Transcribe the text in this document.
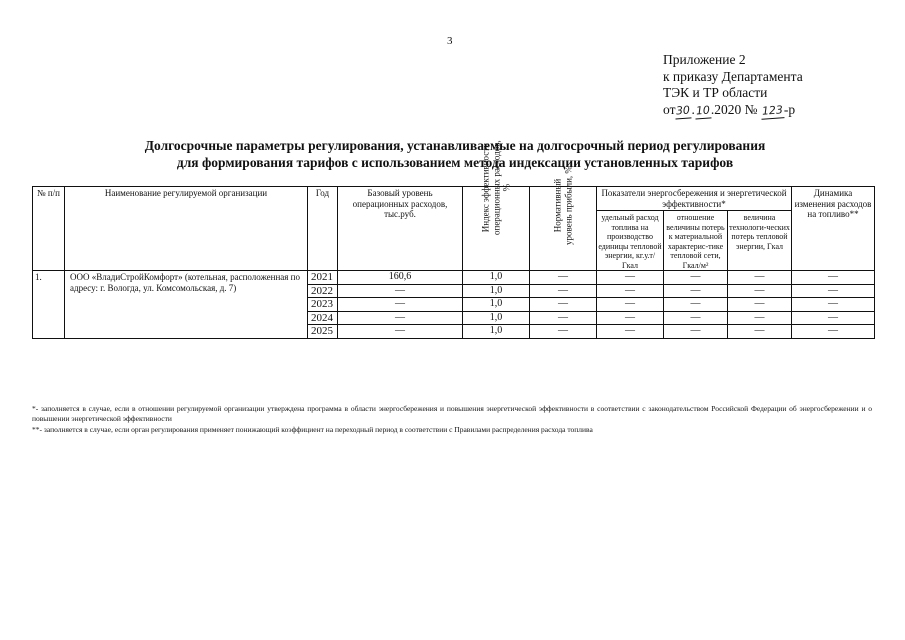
3
Приложение 2
к приказу Департамента
ТЭК и ТР области
от30.10.2020 № 123-р
Долгосрочные параметры регулирования, устанавливаемые на долгосрочный период регулирования
для формирования тарифов с использованием метода индексации установленных тарифов
№ п/п	Наименование регулируемой организации	Год	Базовый уровень операционных расходов, тыс.руб.	Индекс эффективности операционных расходов, %	Нормативный уровень прибыли, %	Показатели энергосбережения и энергетической эффективности*			Динамика изменения расходов на топливо**
						удельный расход топлива на производство единицы тепловой энергии, кг.у.т/Гкал	отношение величины потерь к материальной характерис-тике тепловой сети, Гкал/м²	величина технологи-ческих потерь тепловой энергии, Гкал	
1.	ООО «ВладиСтройКомфорт» (котельная, расположенная по адресу: г. Вологда, ул. Комсомольская, д. 7)	2021	160,6	1,0	—	—	—	—	—
		2022	—	1,0	—	—	—	—	—
		2023	—	1,0	—	—	—	—	—
		2024	—	1,0	—	—	—	—	—
		2025	—	1,0	—	—	—	—	—

*- заполняется в случае, если в отношении регулируемой организации утверждена программа в области энергосбережения и повышения энергетической эффективности в соответствии с законодательством Российской Федерации об энергосбережении и о повышении энергетической эффективности

**- заполняется в случае, если орган регулирования применяет понижающий коэффициент на переходный период в соответствии с Правилами распределения расхода топлива
